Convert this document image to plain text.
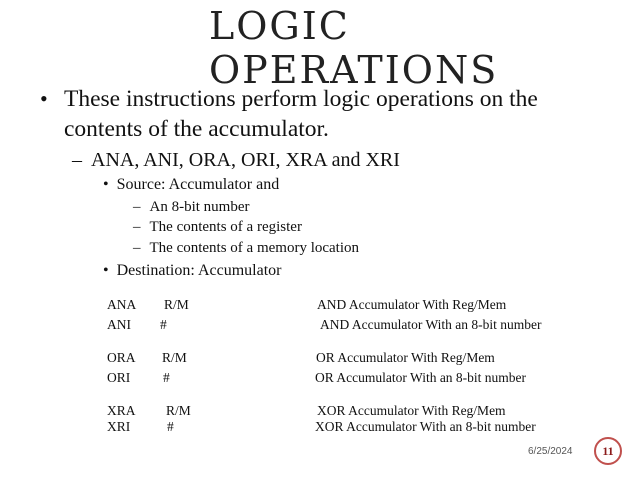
LOGIC
OPERATIONS
• These instructions perform logic operations on the
contents of the accumulator.
– ANA, ANI, ORA, ORI, XRA and XRI
• Source: Accumulator and
– An 8-bit number
– The contents of a register
– The contents of a memory location
• Destination: Accumulator
ANA R/M	AND Accumulator With Reg/Mem
ANI #	AND Accumulator With an 8-bit number
ORA R/M	OR Accumulator With Reg/Mem
ORI #	OR Accumulator With an 8-bit number
XRA R/M	XOR Accumulator With Reg/Mem
XRI	#	XOR Accumulator With an 8-bit number
6/25/2024	11
